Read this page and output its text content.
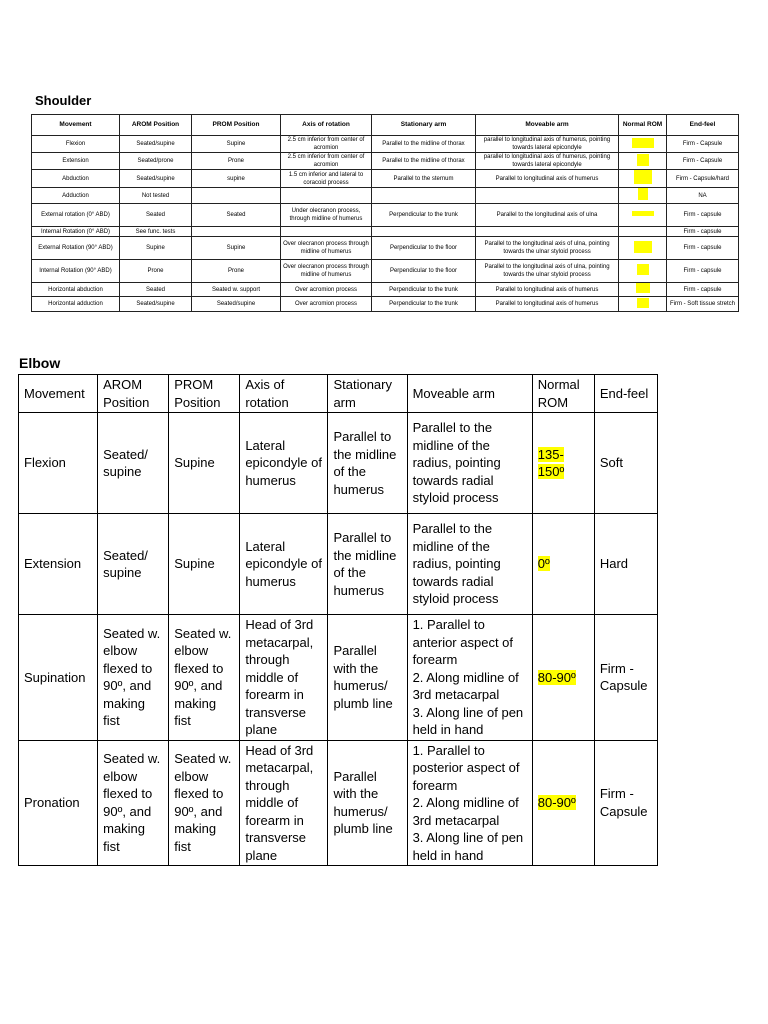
Shoulder
Movement	AROM Position	PROM Position	Axis of rotation	Stationary arm	Moveable arm	Normal ROM	End-feel
Flexion	Seated/supine	Supine	2.5 cm inferior from center of acromion	Parallel to the midline of thorax	parallel to longitudinal axis of humerus, pointing towards lateral epicondyle		Firm - Capsule
Extension	Seated/prone	Prone	2.5 cm inferior from center of acromion	Parallel to the midline of thorax	parallel to longitudinal axis of humerus, pointing towards lateral epicondyle		Firm - Capsule
Abduction	Seated/supine	supine	1.5 cm inferior and lateral to coracoid process	Parallel to the sternum	Parallel to longitudinal axis of humerus		Firm - Capsule/hard
Adduction	Not tested						NA
External rotation (0° ABD)	Seated	Seated	Under olecranon process, through midline of humerus	Perpendicular to the trunk	Parallel to the longitudinal axis of ulna		Firm - capsule
Internal Rotation (0° ABD)	See func. tests						Firm - capsule
External Rotation (90° ABD)	Supine	Supine	Over olecranon process through midline of humerus	Perpendicular to the floor	Parallel to the longitudinal axis of ulna, pointing towards the ulnar styloid process		Firm - capsule
Internal Rotation (90° ABD)	Prone	Prone	Over olecranon process through midline of humerus	Perpendicular to the floor	Parallel to the longitudinal axis of ulna, pointing towards the ulnar styloid process		Firm - capsule
Horizontal abduction	Seated	Seated w. support	Over acromion process	Perpendicular to the trunk	Parallel to longitudinal axis of humerus		Firm - capsule
Horizontal adduction	Seated/supine	Seated/supine	Over acromion process	Perpendicular to the trunk	Parallel to longitudinal axis of humerus		Firm - Soft tissue stretch
Elbow
Movement	AROM Position	PROM Position	Axis of rotation	Stationary arm	Moveable arm	Normal ROM	End-feel
Flexion	Seated/ supine	Supine	Lateral epicondyle of humerus	Parallel to the midline of the humerus	Parallel to the midline of the radius, pointing towards radial styloid process	135-150º	Soft
Extension	Seated/ supine	Supine	Lateral epicondyle of humerus	Parallel to the midline of the humerus	Parallel to the midline of the radius, pointing towards radial styloid process	0º	Hard
Supination	Seated w. elbow flexed to 90º, and making fist	Seated w. elbow flexed to 90º, and making fist	Head of 3rd metacarpal, through middle of forearm in transverse plane	Parallel with the humerus/ plumb line	1. Parallel to anterior aspect of forearm
2. Along midline of 3rd metacarpal
3. Along line of pen held in hand	80-90º	Firm - Capsule
Pronation	Seated w. elbow flexed to 90º, and making fist	Seated w. elbow flexed to 90º, and making fist	Head of 3rd metacarpal, through middle of forearm in transverse plane	Parallel with the humerus/ plumb line	1. Parallel to posterior aspect of forearm
2. Along midline of 3rd metacarpal
3. Along line of pen held in hand	80-90º	Firm - Capsule
